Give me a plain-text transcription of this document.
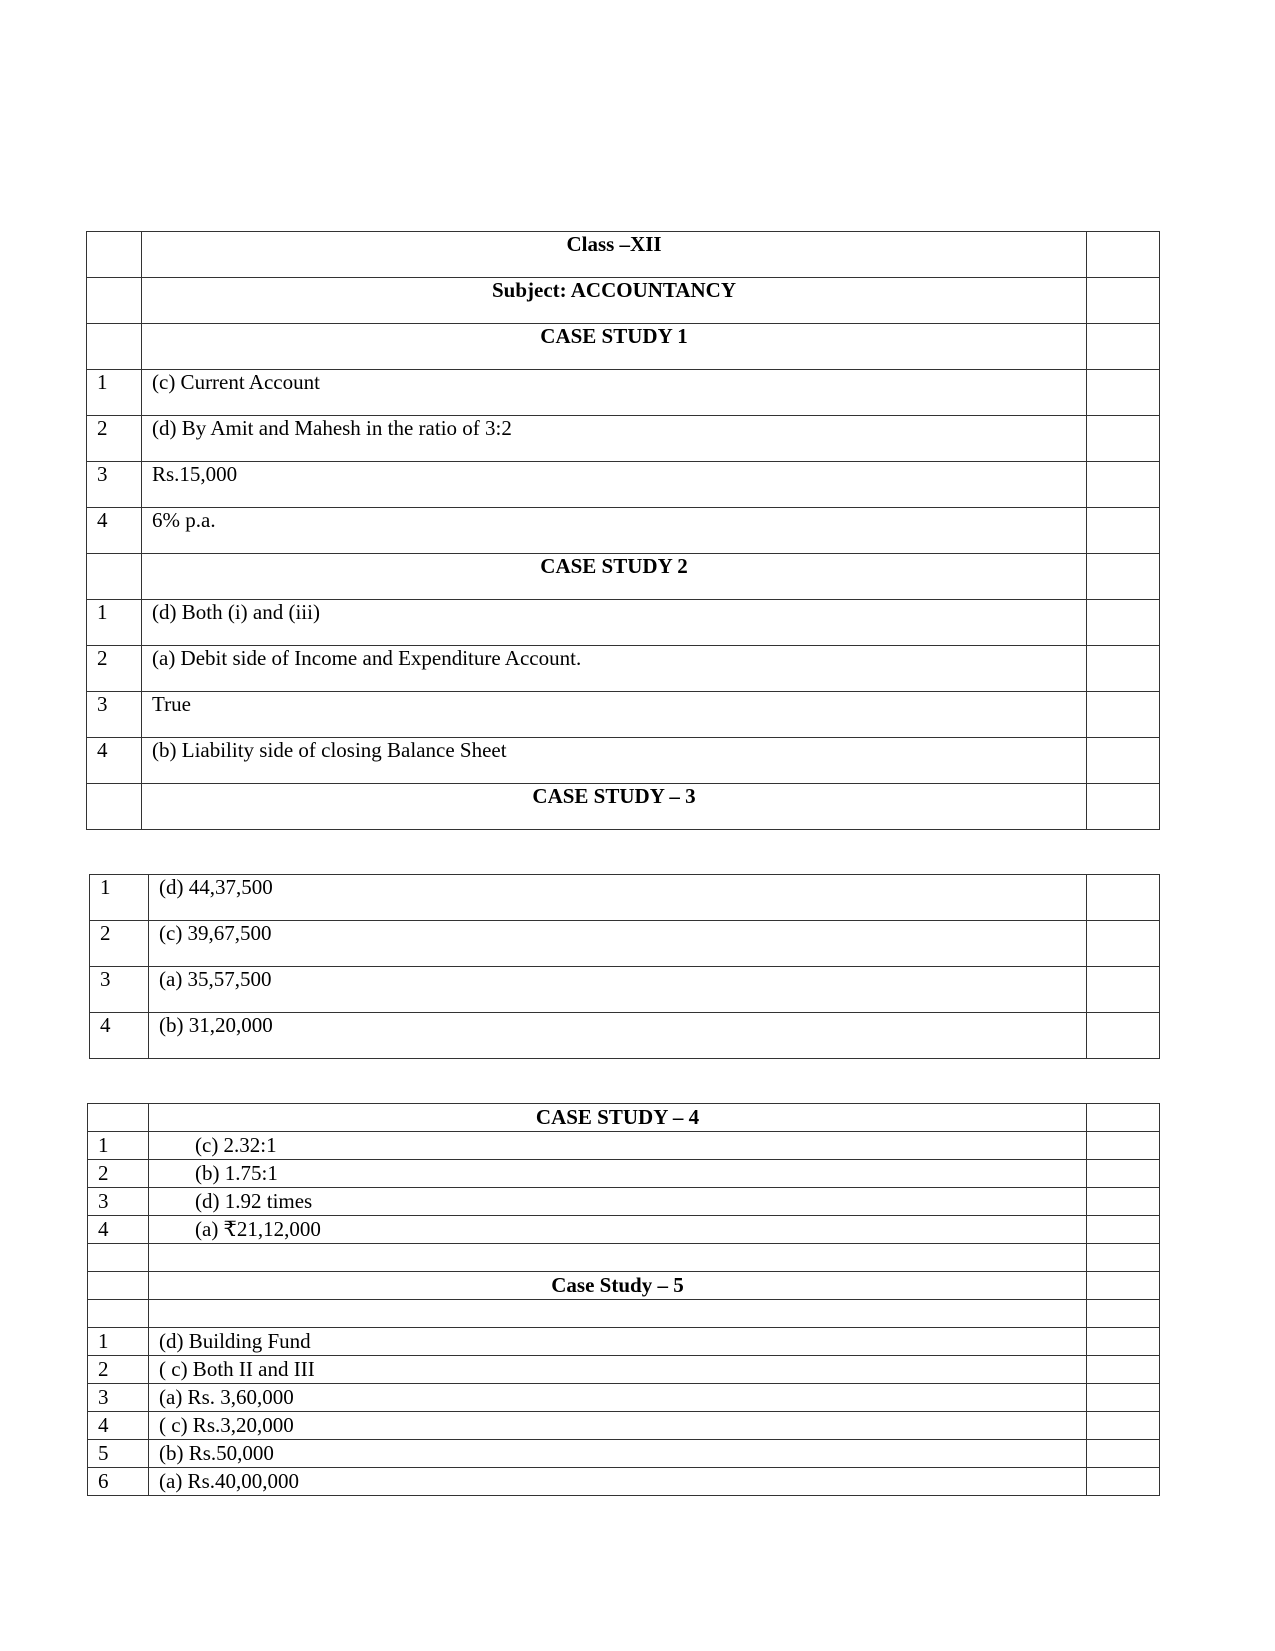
	Class –XII	
	Subject: ACCOUNTANCY	
	CASE STUDY 1	
1	(c) Current Account	
2	(d) By Amit and Mahesh in the ratio of 3:2	
3	Rs.15,000	
4	6% p.a.	
	CASE STUDY 2	
1	(d) Both (i) and (iii)	
2	(a) Debit side of Income and Expenditure Account.	
3	True	
4	(b) Liability side of closing Balance Sheet	
	CASE STUDY – 3	
1	(d) 44,37,500	
2	(c) 39,67,500	
3	(a) 35,57,500	
4	(b) 31,20,000	
	CASE STUDY – 4	
1	(c) 2.32:1	
2	(b) 1.75:1	
3	(d) 1.92 times	
4	(a) ₹21,12,000	

	Case Study – 5	

1	(d) Building Fund	
2	( c) Both II and III	
3	(a) Rs. 3,60,000	
4	( c) Rs.3,20,000	
5	(b) Rs.50,000	
6	(a) Rs.40,00,000	
